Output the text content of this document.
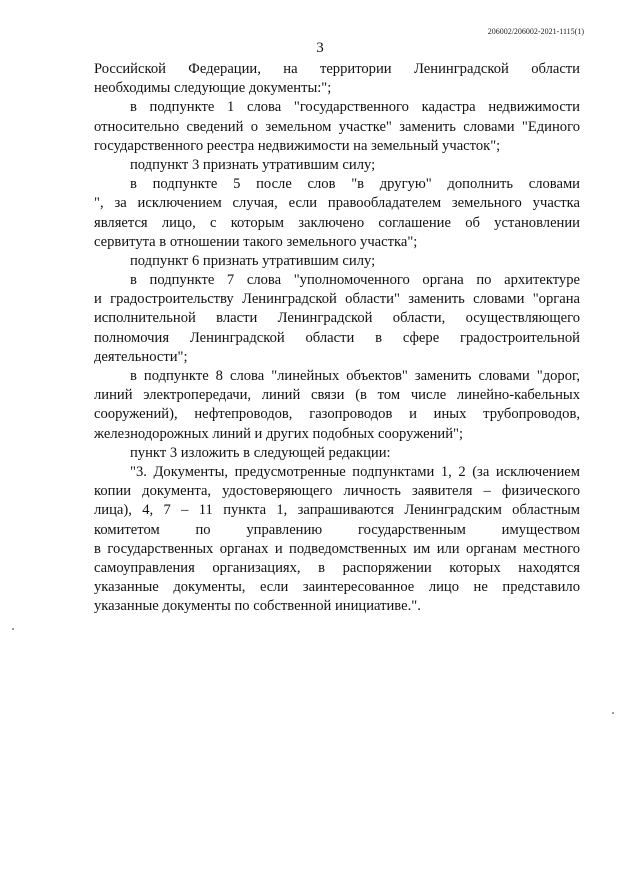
206002/206002-2021-1115(1)
3
Российской Федерации, на территории Ленинградской области
необходимы следующие документы:";
в подпункте 1 слова "государственного кадастра недвижимости
относительно сведений о земельном участке" заменить словами "Единого
государственного реестра недвижимости на земельный участок";
подпункт 3 признать утратившим силу;
в подпункте 5 после слов "в другую" дополнить словами
", за исключением случая, если правообладателем земельного участка
является лицо, с которым заключено соглашение об установлении
сервитута в отношении такого земельного участка";
подпункт 6 признать утратившим силу;
в подпункте 7 слова "уполномоченного органа по архитектуре
и градостроительству Ленинградской области" заменить словами "органа
исполнительной власти Ленинградской области, осуществляющего
полномочия Ленинградской области в сфере градостроительной
деятельности";
в подпункте 8 слова "линейных объектов" заменить словами "дорог,
линий электропередачи, линий связи (в том числе линейно-кабельных
сооружений), нефтепроводов, газопроводов и иных трубопроводов,
железнодорожных линий и других подобных сооружений";
пункт 3 изложить в следующей редакции:
"3. Документы, предусмотренные подпунктами 1, 2 (за исключением
копии документа, удостоверяющего личность заявителя – физического
лица), 4, 7 – 11 пункта 1, запрашиваются Ленинградским областным
комитетом по управлению государственным имуществом
в государственных органах и подведомственных им или органам местного
самоуправления организациях, в распоряжении которых находятся
указанные документы, если заинтересованное лицо не представило
указанные документы по собственной инициативе.".
